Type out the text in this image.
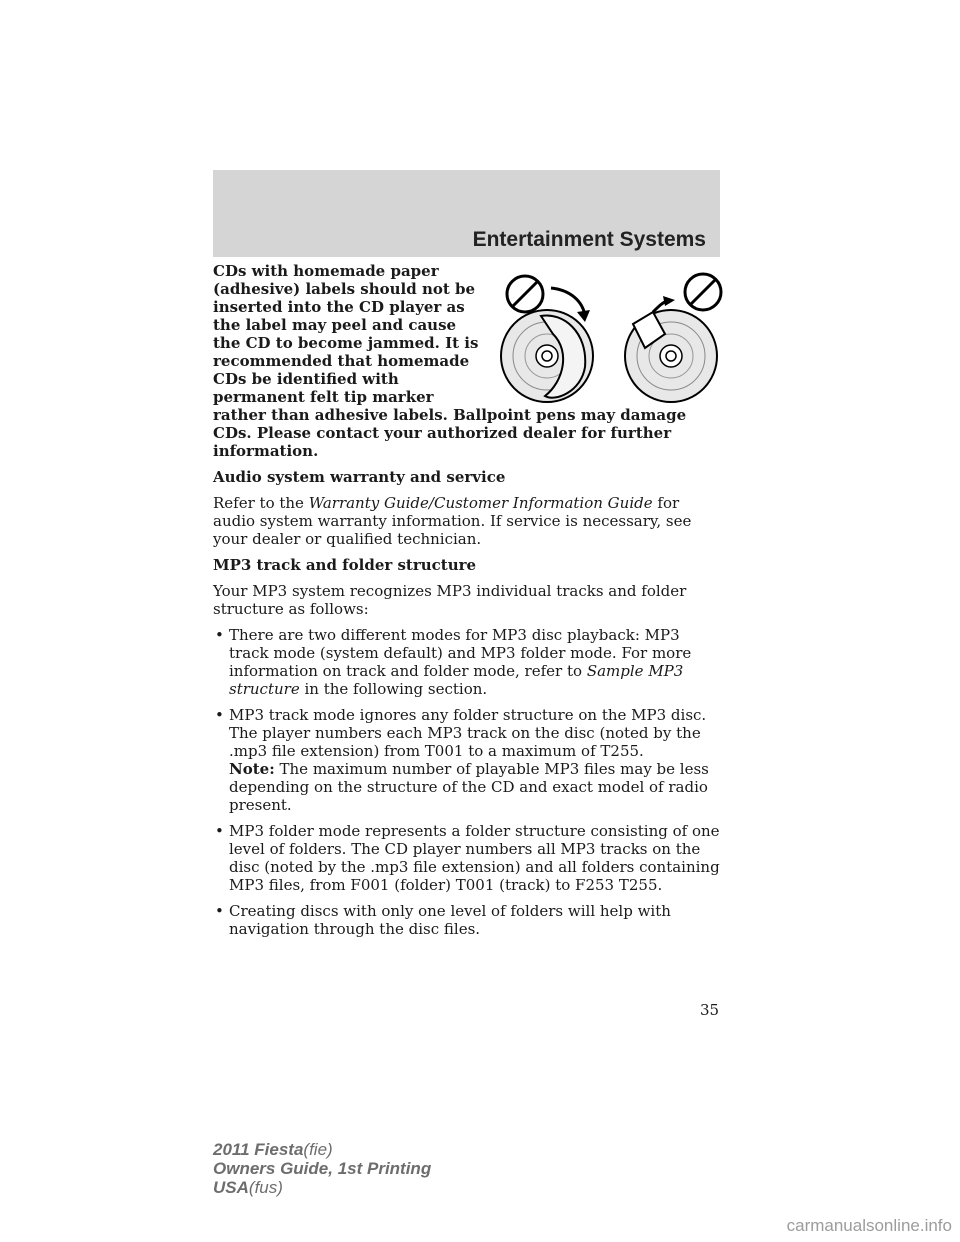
Entertainment Systems

CDs with homemade paper (adhesive) labels should not be inserted into the CD player as the label may peel and cause the CD to become jammed. It is recommended that homemade CDs be identified with permanent felt tip marker rather than adhesive labels. Ballpoint pens may damage CDs. Please contact your authorized dealer for further information.

Audio system warranty and service

Refer to the Warranty Guide/Customer Information Guide for audio system warranty information. If service is necessary, see your dealer or qualified technician.

MP3 track and folder structure

Your MP3 system recognizes MP3 individual tracks and folder structure as follows:

• There are two different modes for MP3 disc playback: MP3 track mode (system default) and MP3 folder mode. For more information on track and folder mode, refer to Sample MP3 structure in the following section.
• MP3 track mode ignores any folder structure on the MP3 disc. The player numbers each MP3 track on the disc (noted by the .mp3 file extension) from T001 to a maximum of T255.
Note: The maximum number of playable MP3 files may be less depending on the structure of the CD and exact model of radio present.
• MP3 folder mode represents a folder structure consisting of one level of folders. The CD player numbers all MP3 tracks on the disc (noted by the .mp3 file extension) and all folders containing MP3 files, from F001 (folder) T001 (track) to F253 T255.
• Creating discs with only one level of folders will help with navigation through the disc files.
35
2011 Fiesta(fie)
Owners Guide, 1st Printing
USA(fus)
carmanualsonline.info
